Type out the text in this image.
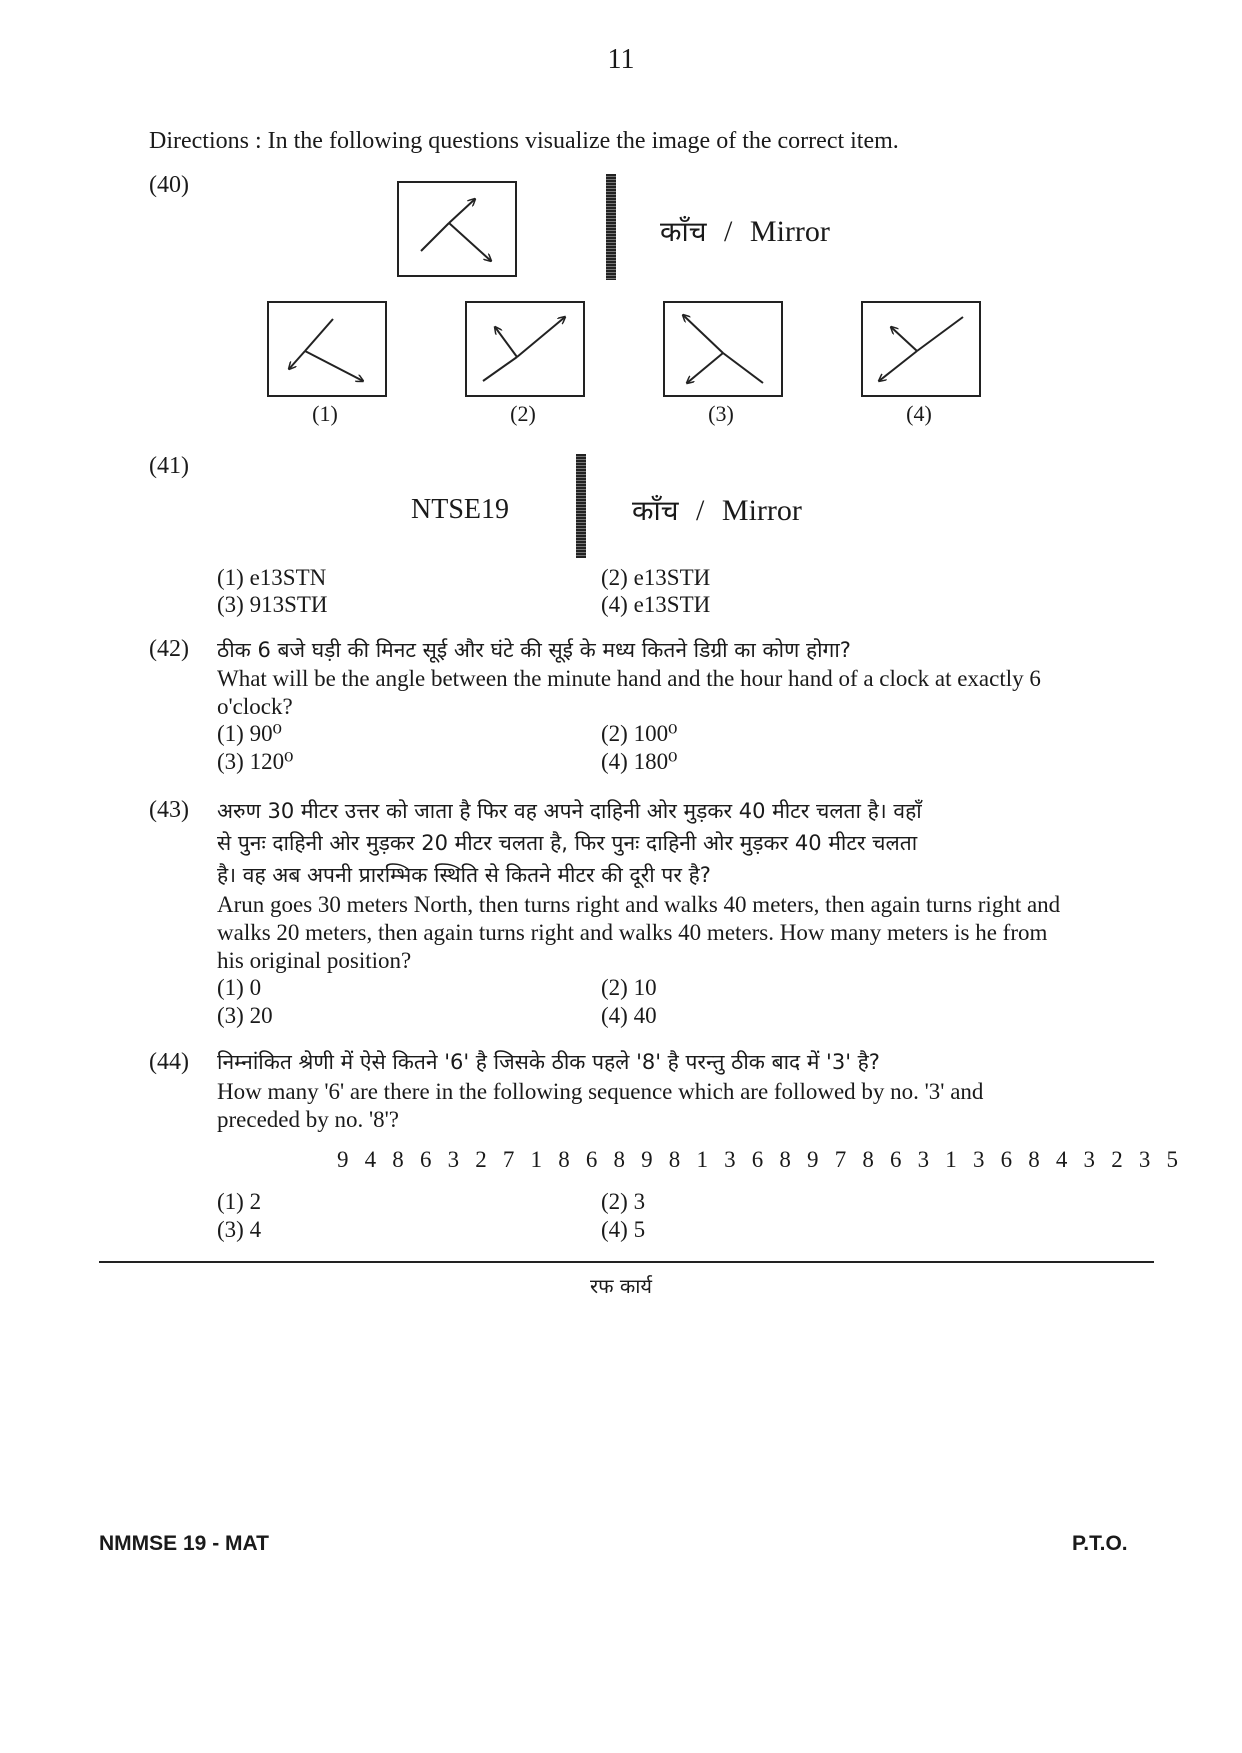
11
Directions : In the following questions visualize the image of the correct item.
(40)
काँच / Mirror
(1)	(2)	(3)	(4)
(41)
NTSE19	काँच / Mirror
(1) e13STN	(2) e13STИ
(3) 913STИ	(4) e13STИ
(42) ठीक 6 बजे घड़ी की मिनट सूई और घंटे की सूई के मध्य कितने डिग्री का कोण होगा?
What will be the angle between the minute hand and the hour hand of a clock at exactly 6
o'clock?
(1) 90⁰	(2) 100⁰
(3) 120⁰	(4) 180⁰
(43) अरुण 30 मीटर उत्तर को जाता है फिर वह अपने दाहिनी ओर मुड़कर 40 मीटर चलता है। वहाँ
से पुनः दाहिनी ओर मुड़कर 20 मीटर चलता है, फिर पुनः दाहिनी ओर मुड़कर 40 मीटर चलता
है। वह अब अपनी प्रारम्भिक स्थिति से कितने मीटर की दूरी पर है?
Arun goes 30 meters North, then turns right and walks 40 meters, then again turns right and
walks 20 meters, then again turns right and walks 40 meters. How many meters is he from
his original position?
(1) 0	(2) 10
(3) 20	(4) 40
(44) निम्नांकित श्रेणी में ऐसे कितने '6' है जिसके ठीक पहले '8' है परन्तु ठीक बाद में '3' है?
How many '6' are there in the following sequence which are followed by no. '3' and
preceded by no. '8'?
9 4 8 6 3 2 7 1 8 6 8 9 8 1 3 6 8 9 7 8 6 3 1 3 6 8 4 3 2 3 5
(1) 2	(2) 3
(3) 4	(4) 5
रफ कार्य
NMMSE 19 - MAT	P.T.O.
